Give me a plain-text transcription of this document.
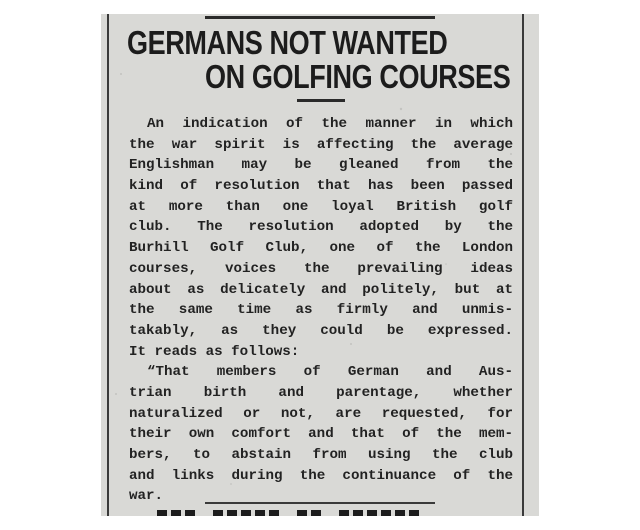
GERMANS NOT WANTED
ON GOLFING COURSES
An indication of the manner in which
the war spirit is affecting the average
Englishman may be gleaned from the
kind of resolution that has been passed
at more than one loyal British golf
club. The resolution adopted by the
Burhill Golf Club, one of the London
courses, voices the prevailing ideas
about as delicately and politely, but at
the same time as firmly and unmis-
takably, as they could be expressed.
It reads as follows:
“That members of German and Aus-
trian birth and parentage, whether
naturalized or not, are requested, for
their own comfort and that of the mem-
bers, to abstain from using the club
and links during the continuance of the
war.
